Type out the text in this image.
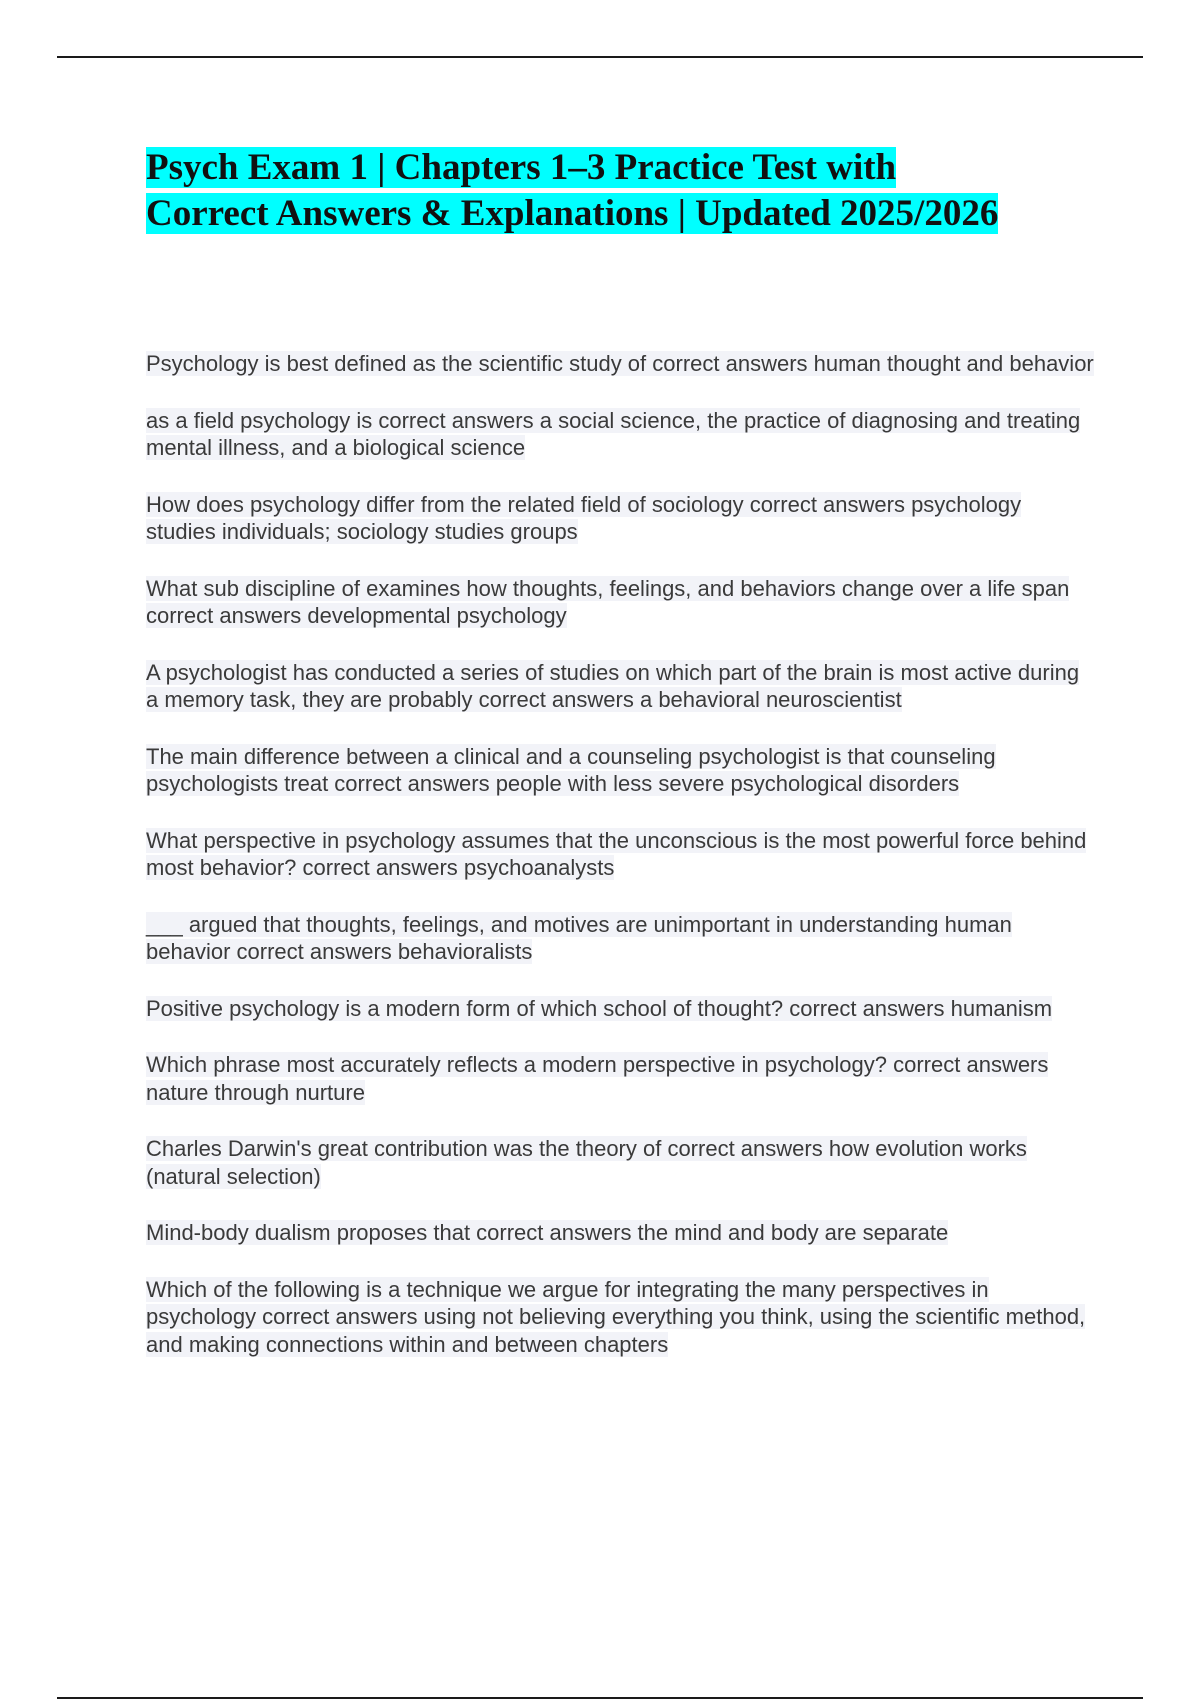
Psych Exam 1 | Chapters 1–3 Practice Test with
Correct Answers & Explanations | Updated 2025/2026
Psychology is best defined as the scientific study of correct answers human thought and behavior
as a field psychology is correct answers a social science, the practice of diagnosing and treating mental illness, and a biological science
How does psychology differ from the related field of sociology correct answers psychology studies individuals; sociology studies groups
What sub discipline of examines how thoughts, feelings, and behaviors change over a life span correct answers developmental psychology
A psychologist has conducted a series of studies on which part of the brain is most active during a memory task, they are probably correct answers a behavioral neuroscientist
The main difference between a clinical and a counseling psychologist is that counseling psychologists treat correct answers people with less severe psychological disorders
What perspective in psychology assumes that the unconscious is the most powerful force behind most behavior? correct answers psychoanalysts
___ argued that thoughts, feelings, and motives are unimportant in understanding human behavior correct answers behavioralists
Positive psychology is a modern form of which school of thought? correct answers humanism
Which phrase most accurately reflects a modern perspective in psychology? correct answers nature through nurture
Charles Darwin's great contribution was the theory of correct answers how evolution works (natural selection)
Mind-body dualism proposes that correct answers the mind and body are separate
Which of the following is a technique we argue for integrating the many perspectives in psychology correct answers using not believing everything you think, using the scientific method, and making connections within and between chapters
